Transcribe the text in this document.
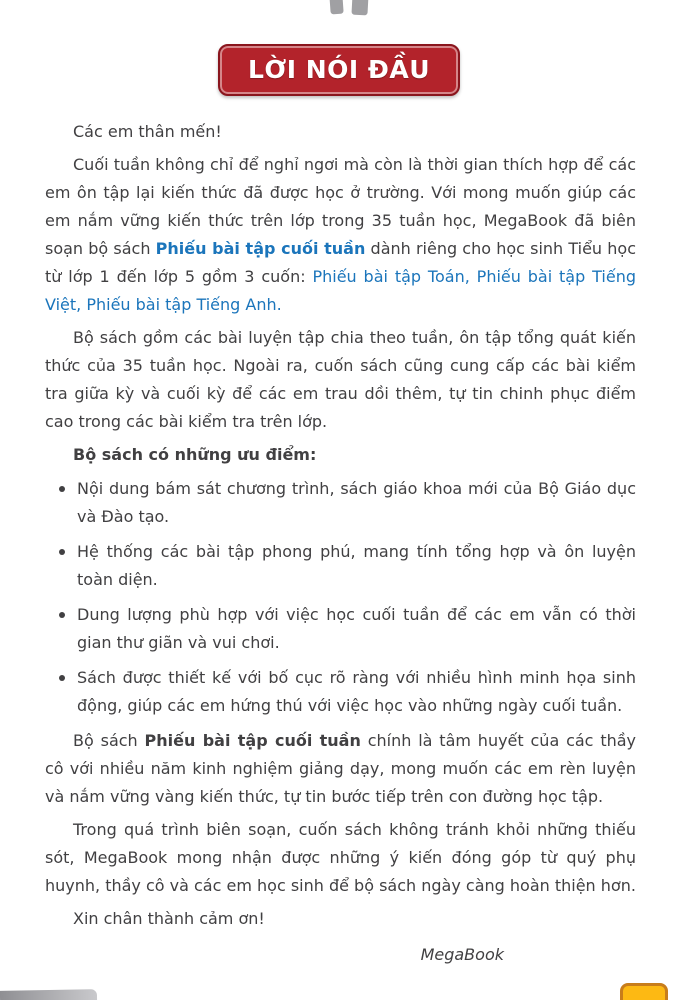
LỜI NÓI ĐẦU

Các em thân mến!

Cuối tuần không chỉ để nghỉ ngơi mà còn là thời gian thích hợp để các em ôn tập lại kiến thức đã được học ở trường. Với mong muốn giúp các em nắm vững kiến thức trên lớp trong 35 tuần học, MegaBook đã biên soạn bộ sách Phiếu bài tập cuối tuần dành riêng cho học sinh Tiểu học từ lớp 1 đến lớp 5 gồm 3 cuốn: Phiếu bài tập Toán, Phiếu bài tập Tiếng Việt, Phiếu bài tập Tiếng Anh.

Bộ sách gồm các bài luyện tập chia theo tuần, ôn tập tổng quát kiến thức của 35 tuần học. Ngoài ra, cuốn sách cũng cung cấp các bài kiểm tra giữa kỳ và cuối kỳ để các em trau dồi thêm, tự tin chinh phục điểm cao trong các bài kiểm tra trên lớp.

Bộ sách có những ưu điểm:

Nội dung bám sát chương trình, sách giáo khoa mới của Bộ Giáo dục và Đào tạo.
Hệ thống các bài tập phong phú, mang tính tổng hợp và ôn luyện toàn diện.
Dung lượng phù hợp với việc học cuối tuần để các em vẫn có thời gian thư giãn và vui chơi.
Sách được thiết kế với bố cục rõ ràng với nhiều hình minh họa sinh động, giúp các em hứng thú với việc học vào những ngày cuối tuần.

Bộ sách Phiếu bài tập cuối tuần chính là tâm huyết của các thầy cô với nhiều năm kinh nghiệm giảng dạy, mong muốn các em rèn luyện và nắm vững vàng kiến thức, tự tin bước tiếp trên con đường học tập.

Trong quá trình biên soạn, cuốn sách không tránh khỏi những thiếu sót, MegaBook mong nhận được những ý kiến đóng góp từ quý phụ huynh, thầy cô và các em học sinh để bộ sách ngày càng hoàn thiện hơn.

Xin chân thành cảm ơn!

MegaBook
